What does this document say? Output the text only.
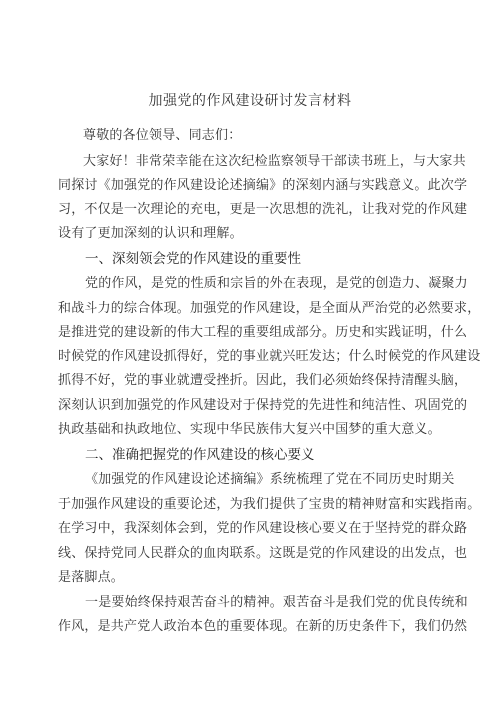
加强党的作风建设研讨发言材料
尊敬的各位领导、同志们：
大家好！非常荣幸能在这次纪检监察领导干部读书班上，与大家共
同探讨《加强党的作风建设论述摘编》的深刻内涵与实践意义。此次学
习，不仅是一次理论的充电，更是一次思想的洗礼，让我对党的作风建
设有了更加深刻的认识和理解。
一、深刻领会党的作风建设的重要性
党的作风，是党的性质和宗旨的外在表现，是党的创造力、凝聚力
和战斗力的综合体现。加强党的作风建设，是全面从严治党的必然要求，
是推进党的建设新的伟大工程的重要组成部分。历史和实践证明，什么
时候党的作风建设抓得好，党的事业就兴旺发达；什么时候党的作风建设
抓得不好，党的事业就遭受挫折。因此，我们必须始终保持清醒头脑，
深刻认识到加强党的作风建设对于保持党的先进性和纯洁性、巩固党的
执政基础和执政地位、实现中华民族伟大复兴中国梦的重大意义。
二、准确把握党的作风建设的核心要义
《加强党的作风建设论述摘编》系统梳理了党在不同历史时期关
于加强作风建设的重要论述，为我们提供了宝贵的精神财富和实践指南。
在学习中，我深刻体会到，党的作风建设核心要义在于坚持党的群众路
线、保持党同人民群众的血肉联系。这既是党的作风建设的出发点，也
是落脚点。
一是要始终保持艰苦奋斗的精神。艰苦奋斗是我们党的优良传统和
作风，是共产党人政治本色的重要体现。在新的历史条件下，我们仍然
